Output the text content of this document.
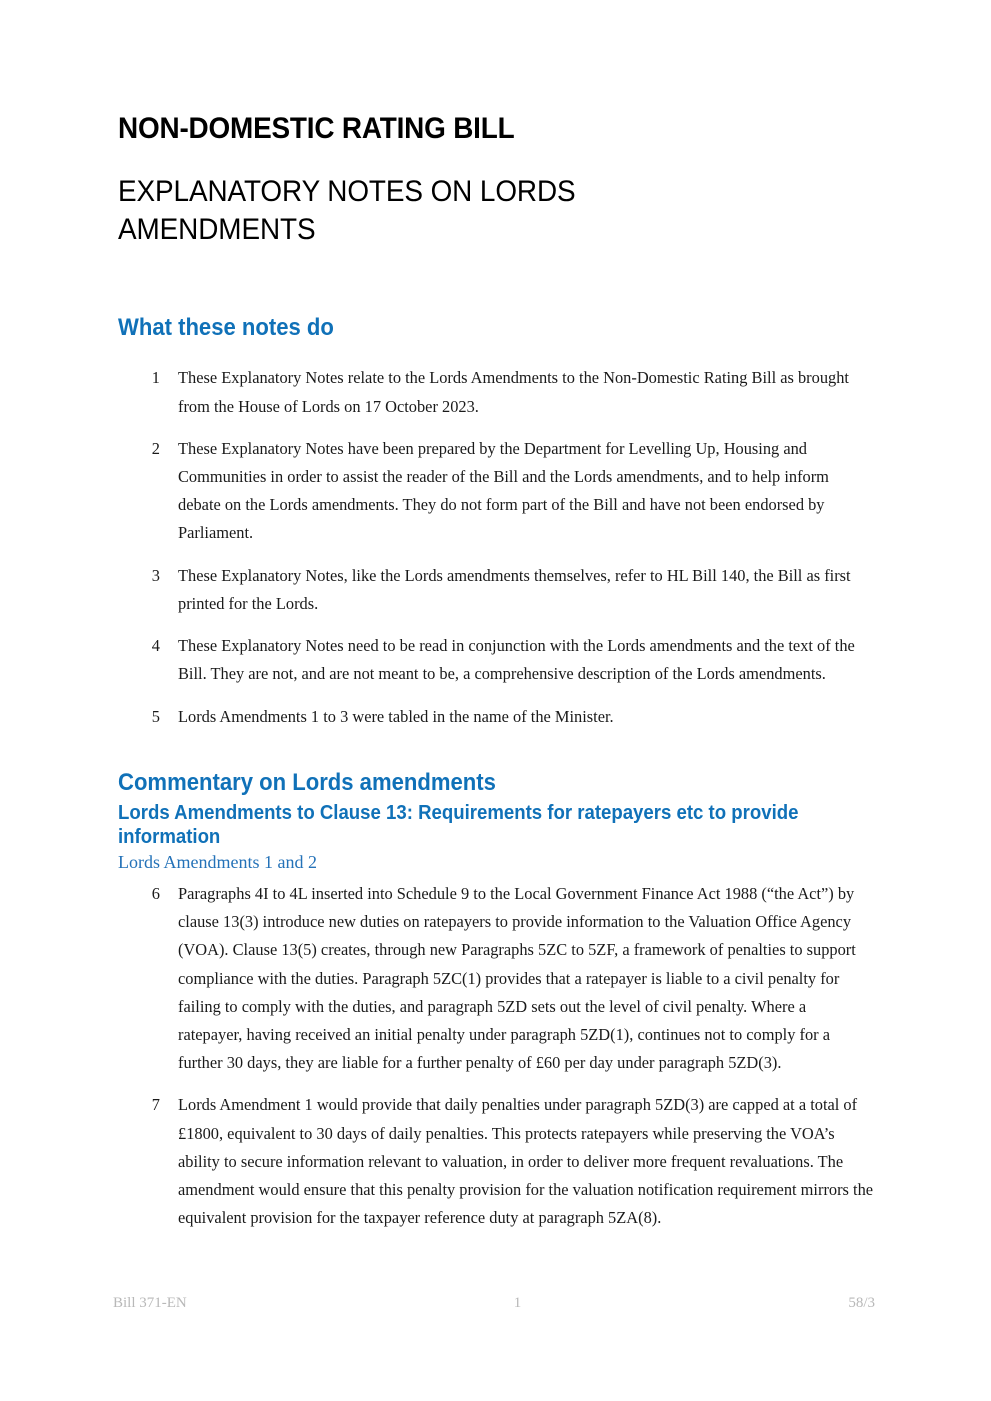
NON-DOMESTIC RATING BILL
EXPLANATORY NOTES ON LORDS AMENDMENTS
What these notes do
1 These Explanatory Notes relate to the Lords Amendments to the Non-Domestic Rating Bill as brought from the House of Lords on 17 October 2023.
2 These Explanatory Notes have been prepared by the Department for Levelling Up, Housing and Communities in order to assist the reader of the Bill and the Lords amendments, and to help inform debate on the Lords amendments. They do not form part of the Bill and have not been endorsed by Parliament.
3 These Explanatory Notes, like the Lords amendments themselves, refer to HL Bill 140, the Bill as first printed for the Lords.
4 These Explanatory Notes need to be read in conjunction with the Lords amendments and the text of the Bill. They are not, and are not meant to be, a comprehensive description of the Lords amendments.
5 Lords Amendments 1 to 3 were tabled in the name of the Minister.
Commentary on Lords amendments
Lords Amendments to Clause 13: Requirements for ratepayers etc to provide information
Lords Amendments 1 and 2
6 Paragraphs 4I to 4L inserted into Schedule 9 to the Local Government Finance Act 1988 (“the Act”) by clause 13(3) introduce new duties on ratepayers to provide information to the Valuation Office Agency (VOA). Clause 13(5) creates, through new Paragraphs 5ZC to 5ZF, a framework of penalties to support compliance with the duties. Paragraph 5ZC(1) provides that a ratepayer is liable to a civil penalty for failing to comply with the duties, and paragraph 5ZD sets out the level of civil penalty. Where a ratepayer, having received an initial penalty under paragraph 5ZD(1), continues not to comply for a further 30 days, they are liable for a further penalty of £60 per day under paragraph 5ZD(3).
7 Lords Amendment 1 would provide that daily penalties under paragraph 5ZD(3) are capped at a total of £1800, equivalent to 30 days of daily penalties. This protects ratepayers while preserving the VOA’s ability to secure information relevant to valuation, in order to deliver more frequent revaluations. The amendment would ensure that this penalty provision for the valuation notification requirement mirrors the equivalent provision for the taxpayer reference duty at paragraph 5ZA(8).
Bill 371-EN	1	58/3
